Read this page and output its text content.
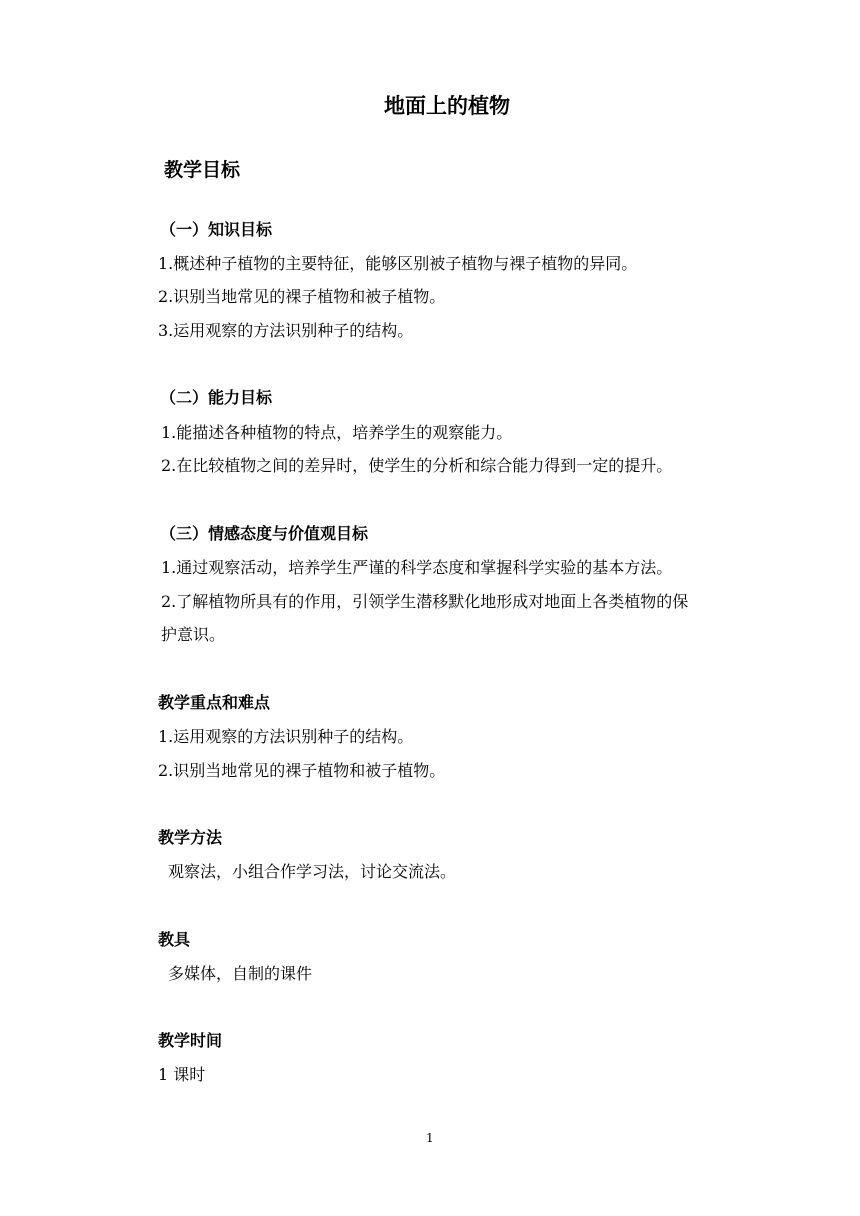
地面上的植物
教学目标
（一）知识目标
1.概述种子植物的主要特征，能够区别被子植物与裸子植物的异同。
2.识别当地常见的裸子植物和被子植物。
3.运用观察的方法识别种子的结构。
（二）能力目标
1.能描述各种植物的特点，培养学生的观察能力。
2.在比较植物之间的差异时，使学生的分析和综合能力得到一定的提升。
（三）情感态度与价值观目标
1.通过观察活动，培养学生严谨的科学态度和掌握科学实验的基本方法。
2.了解植物所具有的作用，引领学生潜移默化地形成对地面上各类植物的保
护意识。
教学重点和难点
1.运用观察的方法识别种子的结构。
2.识别当地常见的裸子植物和被子植物。
教学方法
观察法，小组合作学习法，讨论交流法。
教具
多媒体，自制的课件
教学时间
1 课时
1
